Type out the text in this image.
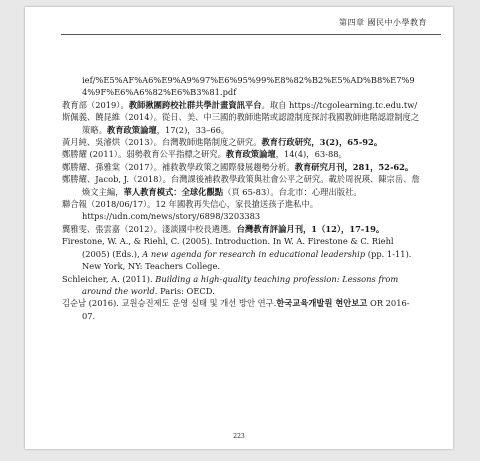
第四章 國民中小學教育
ief/%E5%AF%A6%E9%A9%97%E6%95%99%E8%82%B2%E5%AD%B8%E7%94%9F%E6%A6%82%E6%B3%81.pdf
教育部（2019）。教師揪團跨校社群共學計畫資訊平台。取自 https://tcgolearning.tc.edu.tw/
斯佩義、饒昆維（2014）。從日、美、中三國的教師進階或認證制度探討我國教師進階認證制度之策略。教育政策論壇，17(2)，33–66。
黃月純、吳濬烘（2013）。台灣教師進階制度之研究。教育行政研究，3(2)，65-92。
鄭勝耀 (2011）。弱勢教育公平指標之研究。教育政策論壇，14(4)，63-88。
鄭勝耀、孫雅棠（2017）。補救教學政策之國際發展趨勢分析。教育研究月刊，281，52-62。
鄭勝耀、Jacob, J.（2018）。台灣課後補救教學政策與社會公平之研究。載於周祝瑛、陳宗岳、詹煥文主編，華人教育模式：全球化觀點（頁 65-83）。台北市：心理出版社。
聯合報（2018/06/17）。12 年國教再失信心，家長搶送孩子進私中。
https://udn.com/news/story/6898/3203383
龔雅雯、張雲嘉（2012）。淺談國中校長遴選。台灣教育評論月刊，1（12），17-19。
Firestone, W. A., & Riehl, C. (2005). Introduction. In W. A. Firestone & C. Riehl (2005) (Eds.), A new agenda for research in educational leadership (pp. 1-11). New York, NY: Teachers College.
Schleicher, A. (2011). Building a high-quality teaching profession: Lessons from around the world. Paris: OECD.
김순남 (2016). 교원승진제도 운영 실태 및 개선 방안 연구.한국교육개발원 현안보고 OR 2016-07.
223
